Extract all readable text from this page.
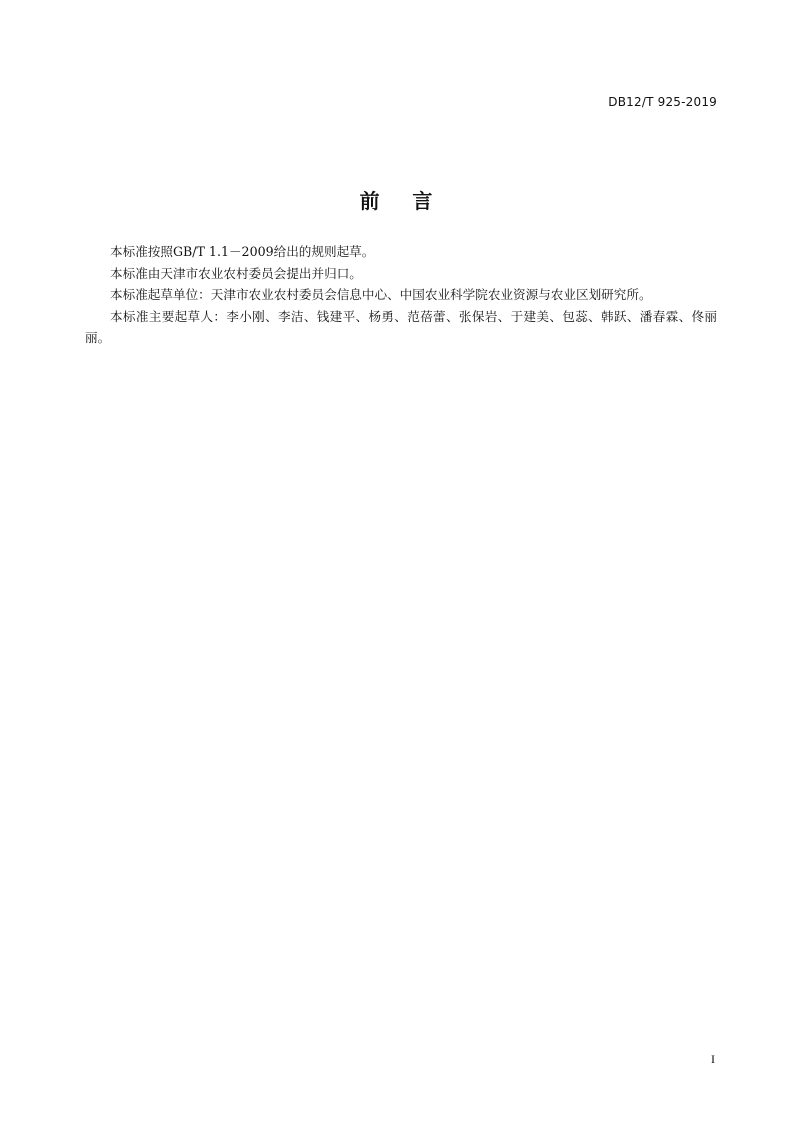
DB12/T 925-2019
前    言

本标准按照GB/T 1.1－2009给出的规则起草。

本标准由天津市农业农村委员会提出并归口。

本标准起草单位：天津市农业农村委员会信息中心、中国农业科学院农业资源与农业区划研究所。

本标准主要起草人：李小刚、李洁、钱建平、杨勇、范蓓蕾、张保岩、于建美、包蕊、韩跃、潘春霖、佟丽丽。

I
